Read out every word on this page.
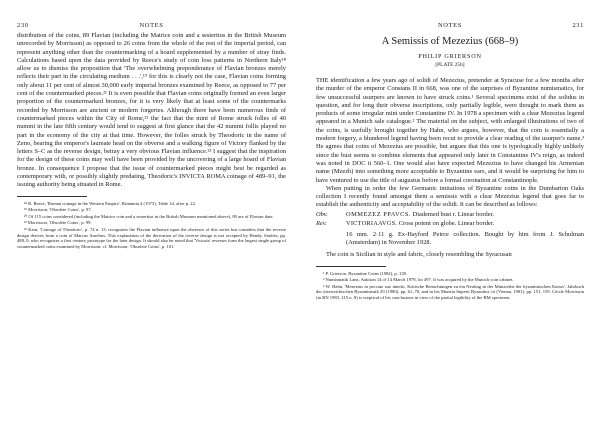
230	NOTES

distribution of the coins, 89 Flavian (including the Matrice coin and a sestertius in the British Museum unrecorded by Morrisson) as opposed to 26 coins from the whole of the rest of the imperial period, can represent anything other than the countermarking of a hoard supplemented by a number of stray finds. Calculations based upon the data provided by Reece's study of coin loss patterns in Northern Italy¹⁸ allow us to dismiss the proposition that 'The overwhelming preponderance of Flavian bronzes merely reflects their part in the circulating medium . . .',¹⁹ for this is clearly not the case, Flavian coins forming only about 11 per cent of almost 30,000 early imperial bronzes examined by Reece, as opposed to 77 per cent of the countermarked pieces.²¹ It is even possible that Flavian coins originally formed an even larger proportion of the countermarked bronzes, for it is very likely that at least some of the countermarks recorded by Morrisson are ancient or modern forgeries. Although there have been numerous finds of countermarked pieces within the City of Rome,²² the fact that the mint of Rome struck folles of 40 nummi in the late fifth century would tend to suggest at first glance that the 42 nummi follis played no part in the economy of the city at that time. However, the folles struck by Theodoric in the name of Zeno, bearing the emperor's laureate head on the obverse and a walking figure of Victory flanked by the letters S–C as the reverse design, betray a very obvious Flavian influence.²³ I suggest that the inspiration for the design of these coins may well have been provided by the uncovering of a large hoard of Flavian bronze. In consequence I propose that the issue of countermarked pieces might best be regarded as contemporary with, or possibly slightly predating, Theodoric's INVICTA ROMA coinage of 489–91, the issuing authority being situated in Rome.

¹⁸ R. Reece, 'Roman coinage in the Western Empire', Britannia 4 (1973), Table 1d, after p. 22.

¹⁹ Morrisson, 'Obsolete Coins', p. 97.

²⁰ Of 115 coins considered (including the Matrice coin and a sestertius in the British Museum mentioned above), 89 are of Flavian date.

²² Morrisson, 'Obsolete Coins', p. 99.

²³ Kent, 'Coinage of Theodoric', p. 74 n. 13, recognizes the Flavian influence upon the obverses of this series but considers that the reverse design derives from a coin of Marcus Aurelius. This explanation of the derivation of the reverse design is not accepted by Hendy, Studies, pp. 488–9, who recognizes a first century prototype for the later design. It should also be noted that 'Victoria' reverses form the largest single group of countermarked coins examined by Morrisson: cf. Morrisson, 'Obsolete Coins', p. 101.

NOTES	231
A Semissis of Mezezius (668–9)
PHILIP GRIERSON
[PLATE 25b]

THE identification a few years ago of solidi of Mezezius, pretender at Syracuse for a few months after the murder of the emperor Constans II in 668, was one of the surprises of Byzantine numismatics, for few unsuccessful usurpers are known to have struck coins.¹ Several specimens exist of the solidus in question, and for long their obverse inscriptions, only partially legible, were thought to mark them as products of some irregular mint under Constantine IV. In 1978 a specimen with a clear Mezezius legend appeared in a Munich sale catalogue.² The material on the subject, with enlarged illustrations of two of the coins, is usefully brought together by Hahn, who argues, however, that the coin is essentially a modern forgery, a blundered legend having been recut to provide a clear reading of the usurper's name.³ He agrees that coins of Mezezius are possible, but argues that this one is typologically highly unlikely since the bust seems to combine elements that appeared only later in Constantine IV's reign, as indeed was noted in DOC ii 560–1. One would also have expected Mezezius to have changed his Armenian name (Mzezh) into something more acceptable to Byzantine ears, and it would be surprising for him to have ventured to use the title of augustus before a formal coronation at Constantinople.

When putting in order the few Germanic imitations of Byzantine coins in the Dumbarton Oaks collection I recently found amongst them a semissis with a clear Mezezius legend that goes far to establish the authenticity and acceptability of the solidi. It can be described as follows:

Obv.	OMMEZEZ PPAVCS. Diademed bust r. Linear border.
Rev.	VICTORIAAVGS. Cross potent on globe. Linear border.
16 mm. 2·11 g. Ex-Hayford Peirce collection. Bought by him from J. Schulman (Amsterdam) in November 1928.

The coin is Sicilian in style and fabric, closely resembling the Syracusan

¹ P. Grierson, Byzantine Coins (1982), p. 139.

² Numismatik Lanz, Auktion 14 of 14 March 1978, lot 497. It was acquired by the Munich coin cabinet.

³ W. Hahn, 'Mezezius in peccato suo interiit. Kritische Betrachtungen zu ein Neuling in der Münzreihe der byzantinischen Kaiser', Jahrbuch der österreichischen Byzantinistik 29 (1980), pp. 61–70, and in his Moneta Imperii Byzantini, iii (Vienna, 1981), pp. 151, 159. Cécile Morrisson (in RN 1983, 215 n. 8) is sceptical of his conclusions in view of the partial legibility of the BM specimen.
